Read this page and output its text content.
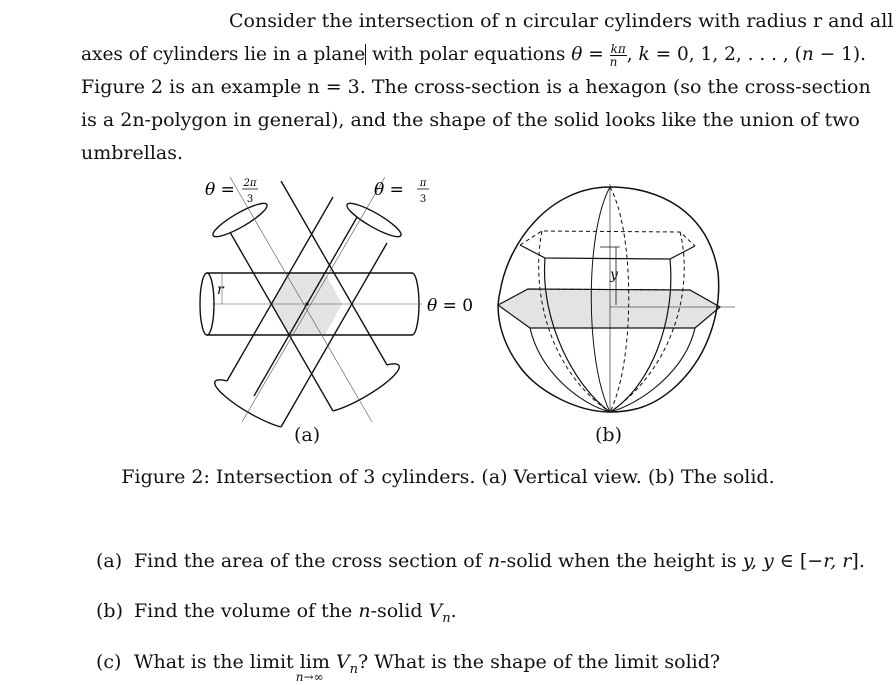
Consider the intersection of n circular cylinders with radius r and all
axes of cylinders lie in a plane with polar equations $\theta = \frac{k\pi}{n}$ , k = 0, 1, 2, . . . , (n − 1).
Figure 2 is an example n = 3. The cross-section is a hexagon (so the cross-section
is a 2n-polygon in general), and the shape of the solid looks like the union of two
umbrellas.
θ = 2π
3	θ = π
3
θ = 0
r
y
(a)	(b)
Figure 2: Intersection of 3 cylinders. (a) Vertical view. (b) The solid.
(a) Find the area of the cross section of n-solid when the height is y, y ∈ [−r, r].
(b) Find the volume of the n-solid $V_n$.
(c) What is the limit lim
n→∞
$V_n$? What is the shape of the limit solid?
